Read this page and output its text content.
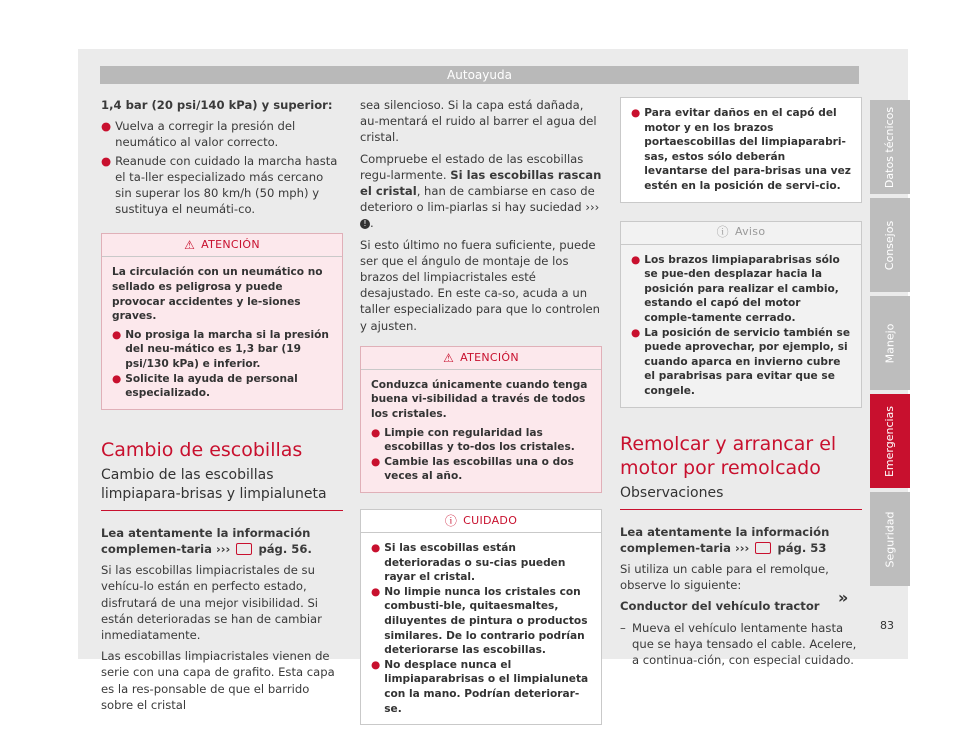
Autoayuda

1,4 bar (20 psi/140 kPa) y superior:

● Vuelva a corregir la presión del neumático al valor correcto.
● Reanude con cuidado la marcha hasta el ta-ller especializado más cercano sin superar los 80 km/h (50 mph) y sustituya el neumáti-co.
⚠ ATENCIÓN

La circulación con un neumático no sellado es peligrosa y puede provocar accidentes y le-siones graves.

● No prosiga la marcha si la presión del neu-mático es 1,3 bar (19 psi/130 kPa) e inferior.
● Solicite la ayuda de personal especializado.
Cambio de escobillas
Cambio de las escobillas limpiapara-brisas y limpialuneta

Lea atentamente la información complemen-taria ››› pág. 56.

Si las escobillas limpiacristales de su vehícu-lo están en perfecto estado, disfrutará de una mejor visibilidad. Si están deterioradas se han de cambiar inmediatamente.

Las escobillas limpiacristales vienen de serie con una capa de grafito. Esta capa es la res-ponsable de que el barrido sobre el cristal

sea silencioso. Si la capa está dañada, au-mentará el ruido al barrer el agua del cristal.

Compruebe el estado de las escobillas regu-larmente. Si las escobillas rascan el cristal, han de cambiarse en caso de deterioro o lim-piarlas si hay suciedad ››› ! .

Si esto último no fuera suficiente, puede ser que el ángulo de montaje de los brazos del limpiacristales esté desajustado. En este ca-so, acuda a un taller especializado para que lo controlen y ajusten.

⚠ ATENCIÓN

Conduzca únicamente cuando tenga buena vi-sibilidad a través de todos los cristales.

● Limpie con regularidad las escobillas y to-dos los cristales.
● Cambie las escobillas una o dos veces al año.
ⓘ CUIDADO
● Si las escobillas están deterioradas o su-cias pueden rayar el cristal.
● No limpie nunca los cristales con combusti-ble, quitaesmaltes, diluyentes de pintura o productos similares. De lo contrario podrían deteriorarse las escobillas.
● No desplace nunca el limpiaparabrisas o el limpialuneta con la mano. Podrían deteriorar-se.
● Para evitar daños en el capó del motor y en los brazos portaescobillas del limpiaparabri-sas, estos sólo deberán levantarse del para-brisas una vez estén en la posición de servi-cio.
ⓘ Aviso
● Los brazos limpiaparabrisas sólo se pue-den desplazar hacia la posición para realizar el cambio, estando el capó del motor comple-tamente cerrado.
● La posición de servicio también se puede aprovechar, por ejemplo, si cuando aparca en invierno cubre el parabrisas para evitar que se congele.
Remolcar y arrancar el motor por remolcado
Observaciones

Lea atentamente la información complemen-taria ››› pág. 53

Si utiliza un cable para el remolque, observe lo siguiente:

Conductor del vehículo tractor

– Mueva el vehículo lentamente hasta que se haya tensado el cable. Acelere, a continua-ción, con especial cuidado.
»
Datos técnicos
Consejos
Manejo
Emergencias
Seguridad
83
